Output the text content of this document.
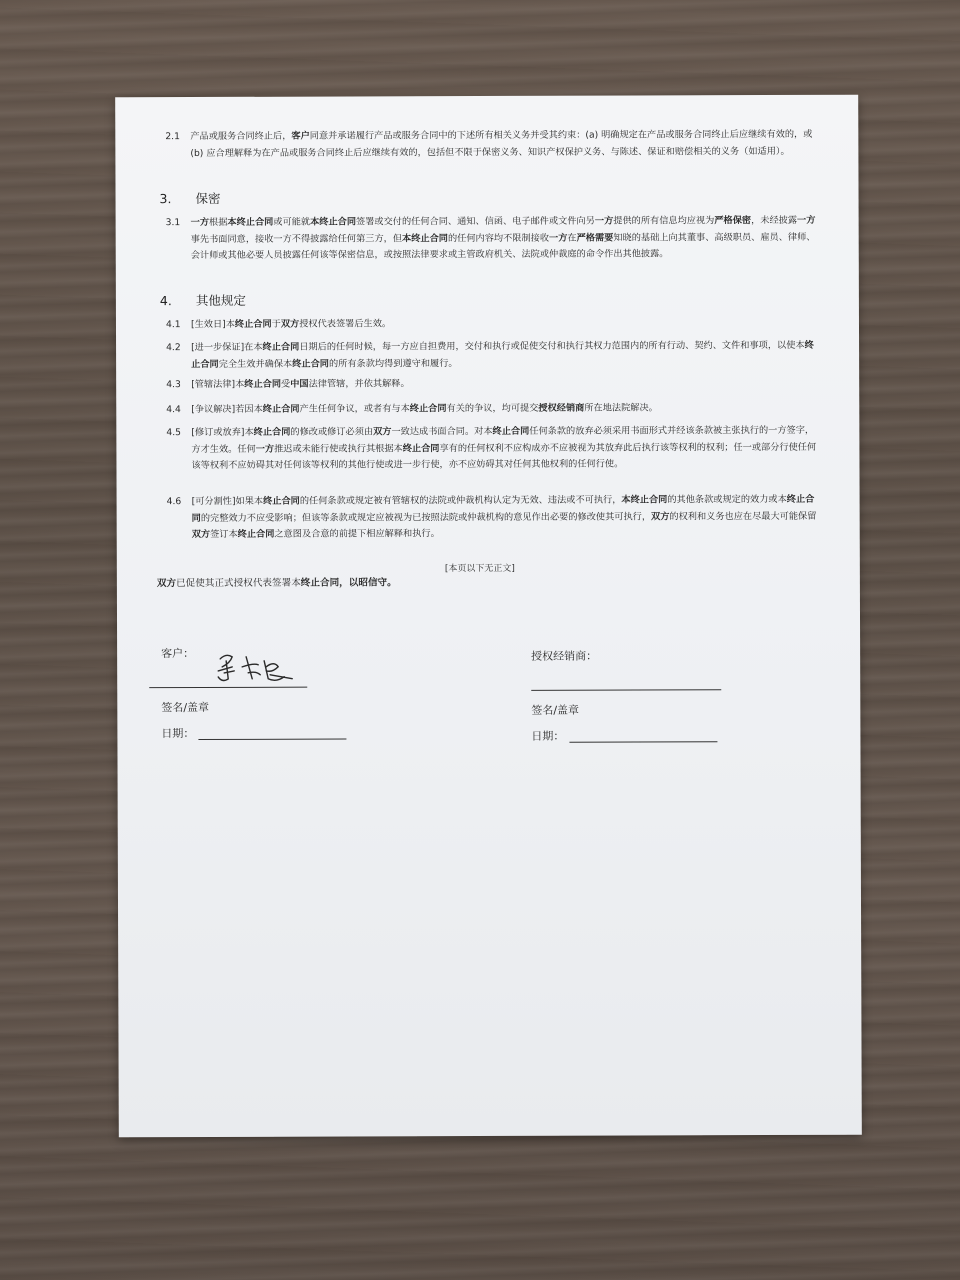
2.1	产品或服务合同终止后，客户同意并承诺履行产品或服务合同中的下述所有相关义务并受其约束：(a) 明确规定在产品或服务合同终止后应继续有效的，或 (b) 应合理解释为在产品或服务合同终止后应继续有效的，包括但不限于保密义务、知识产权保护义务、与陈述、保证和赔偿相关的义务（如适用）。
3. 保密
3.1	一方根据本终止合同或可能就本终止合同签署或交付的任何合同、通知、信函、电子邮件或文件向另一方提供的所有信息均应视为严格保密，未经披露一方事先书面同意，接收一方不得披露给任何第三方，但本终止合同的任何内容均不限制接收一方在严格需要知晓的基础上向其董事、高级职员、雇员、律师、会计师或其他必要人员披露任何该等保密信息，或按照法律要求或主管政府机关、法院或仲裁庭的命令作出其他披露。
4. 其他规定
4.1	[生效日]本终止合同于双方授权代表签署后生效。
4.2	[进一步保证]在本终止合同日期后的任何时候，每一方应自担费用，交付和执行或促使交付和执行其权力范围内的所有行动、契约、文件和事项，以使本终止合同完全生效并确保本终止合同的所有条款均得到遵守和履行。
4.3	[管辖法律]本终止合同受中国法律管辖，并依其解释。
4.4	[争议解决]若因本终止合同产生任何争议，或者有与本终止合同有关的争议，均可提交授权经销商所在地法院解决。
4.5	[修订或放弃]本终止合同的修改或修订必须由双方一致达成书面合同。对本终止合同任何条款的放弃必须采用书面形式并经该条款被主张执行的一方签字，方才生效。任何一方推迟或未能行使或执行其根据本终止合同享有的任何权利不应构成亦不应被视为其放弃此后执行该等权利的权利；任一或部分行使任何该等权利不应妨碍其对任何该等权利的其他行使或进一步行使，亦不应妨碍其对任何其他权利的任何行使。
4.6	[可分割性]如果本终止合同的任何条款或规定被有管辖权的法院或仲裁机构认定为无效、违法或不可执行，本终止合同的其他条款或规定的效力或本终止合同的完整效力不应受影响；但该等条款或规定应被视为已按照法院或仲裁机构的意见作出必要的修改使其可执行，双方的权利和义务也应在尽最大可能保留双方签订本终止合同之意图及合意的前提下相应解释和执行。
[本页以下无正文]
双方已促使其正式授权代表签署本终止合同，以昭信守。
客户：
签名/盖章
日期：
授权经销商：
签名/盖章
日期：
